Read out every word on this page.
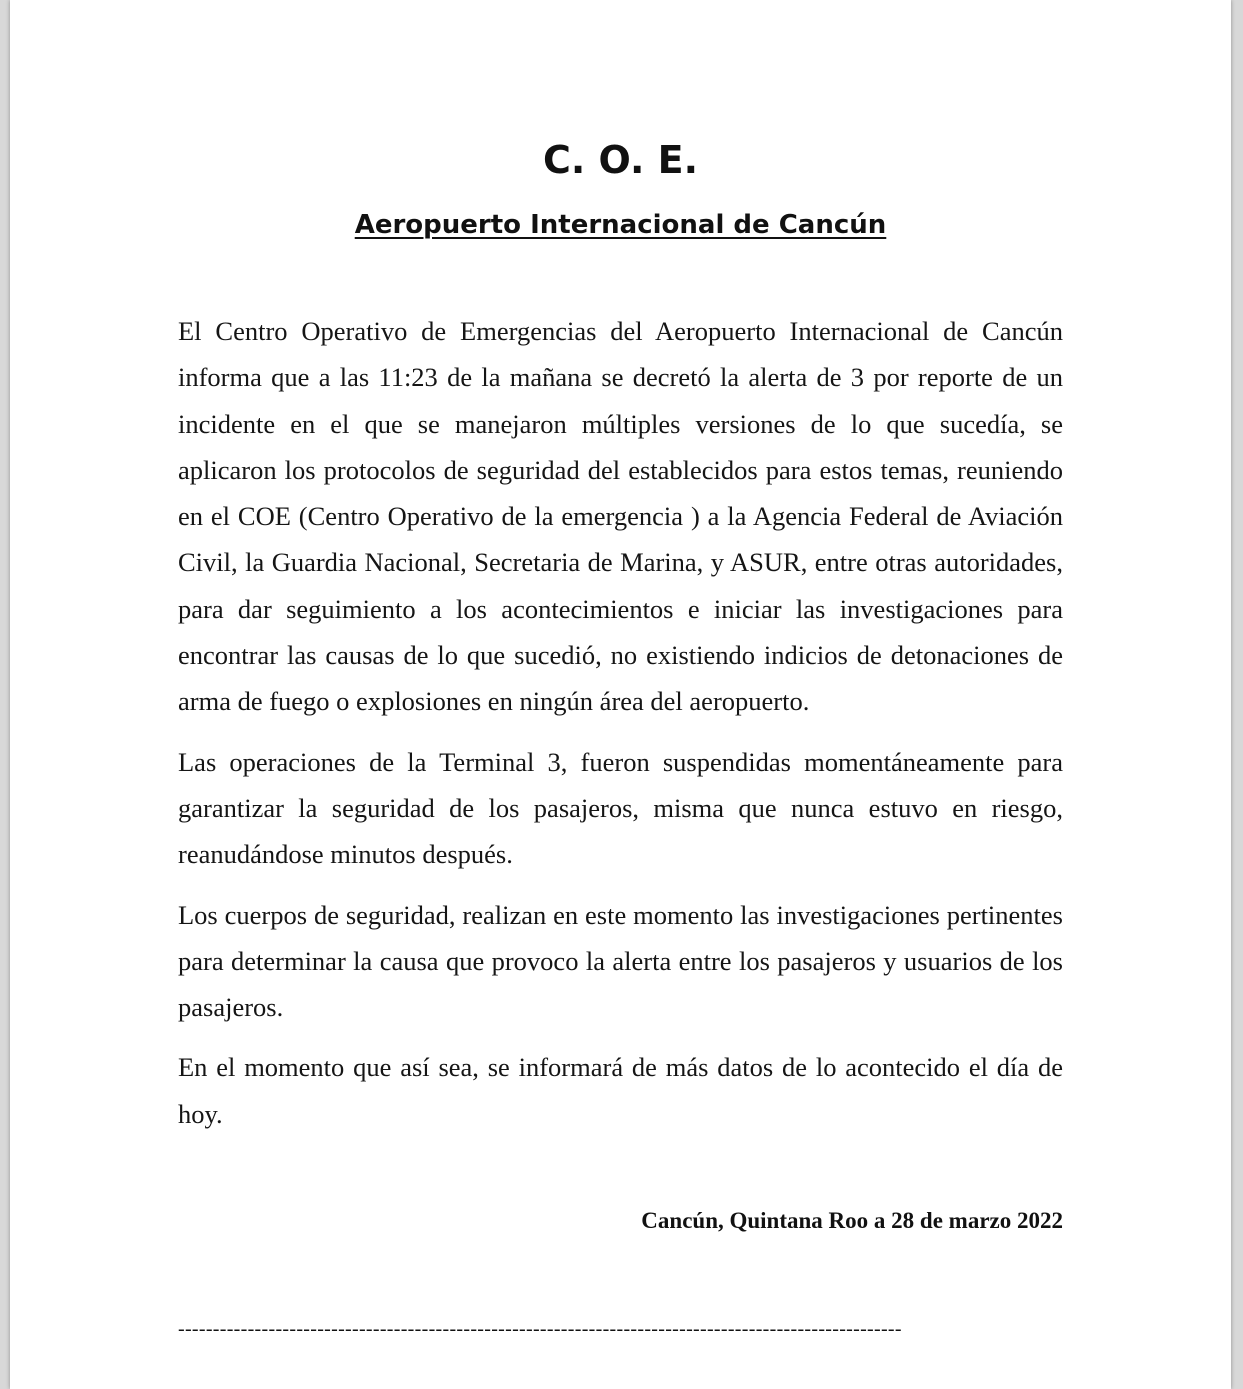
C. O. E.
Aeropuerto Internacional de Cancún

El Centro Operativo de Emergencias del Aeropuerto Internacional de Cancún informa que a las 11:23 de la mañana se decretó la alerta de 3 por reporte de un incidente en el que se manejaron múltiples versiones de lo que sucedía, se aplicaron los protocolos de seguridad del establecidos para estos temas, reuniendo en el COE (Centro Operativo de la emergencia ) a la Agencia Federal de Aviación Civil, la Guardia Nacional, Secretaria de Marina, y ASUR, entre otras autoridades, para dar seguimiento a los acontecimientos e iniciar las investigaciones para encontrar las causas de lo que sucedió, no existiendo indicios de detonaciones de arma de fuego o explosiones en ningún área del aeropuerto.

Las operaciones de la Terminal 3, fueron suspendidas momentáneamente para garantizar la seguridad de los pasajeros, misma que nunca estuvo en riesgo, reanudándose minutos después.

Los cuerpos de seguridad, realizan en este momento las investigaciones pertinentes para determinar la causa que provoco la alerta entre los pasajeros y usuarios de los pasajeros.

En el momento que así sea, se informará de más datos de lo acontecido el día de hoy.

Cancún, Quintana Roo a 28 de marzo 2022

--------------------------------------------------------------------------------------------------------
